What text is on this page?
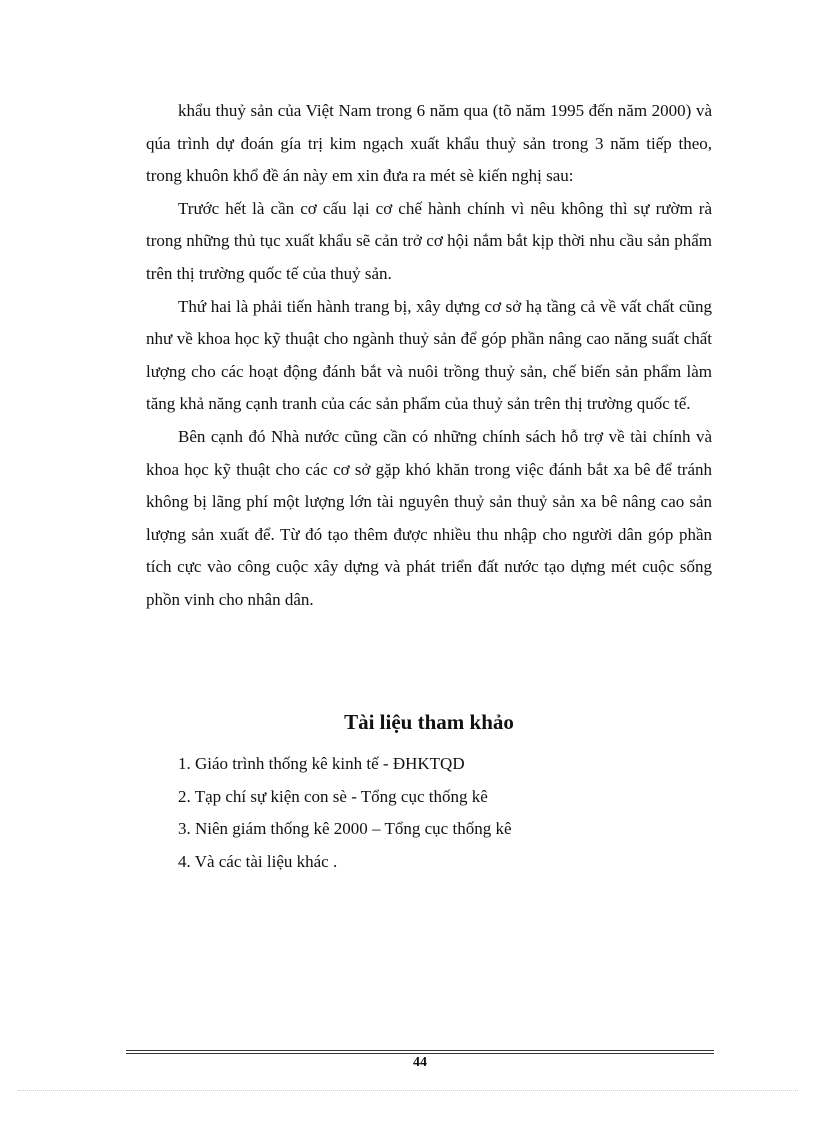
khẩu thuỷ sản của Việt Nam trong 6 năm qua (tõ năm 1995 đến năm 2000) và qúa trình dự đoán gía trị kim ngạch xuất khẩu thuỷ sản trong 3 năm tiếp theo, trong khuôn khổ đề án này em xin đưa ra mét sè kiến nghị sau:

Trước hết là cần cơ cấu lại cơ chế hành chính vì nêu không thì sự rườm rà trong những thủ tục xuất khẩu sẽ cản trở cơ hội nắm bắt kịp thời nhu cầu sản phẩm trên thị trường quốc tế của thuỷ sản.

Thứ hai là phải tiến hành trang bị, xây dựng cơ sở hạ tầng cả về vất chất cũng như về khoa học kỹ thuật cho ngành thuỷ sản để góp phần nâng cao năng suất chất lượng cho các hoạt động đánh bắt và nuôi trồng thuỷ sản, chế biến sản phẩm làm tăng khả năng cạnh tranh của các sản phẩm của thuỷ sản trên thị trường quốc tế.

Bên cạnh đó Nhà nước cũng cần có những chính sách hỗ trợ về tài chính và khoa học kỹ thuật cho các cơ sở gặp khó khăn trong việc đánh bắt xa bê để tránh không bị lãng phí một lượng lớn tài nguyên thuỷ sản thuỷ sản xa bê nâng cao sản lượng sản xuất để. Từ đó tạo thêm được nhiều thu nhập cho người dân góp phần tích cực vào công cuộc xây dựng và phát triển đất nước tạo dựng mét cuộc sống phồn vinh cho nhân dân.

Tài liệu tham khảo
1. Giáo trình thống kê kinh tế - ĐHKTQD
2. Tạp chí sự kiện con sè - Tổng cục thống kê
3. Niên giám thống kê 2000 – Tổng cục thống kê
4. Và các tài liệu khác .
44
